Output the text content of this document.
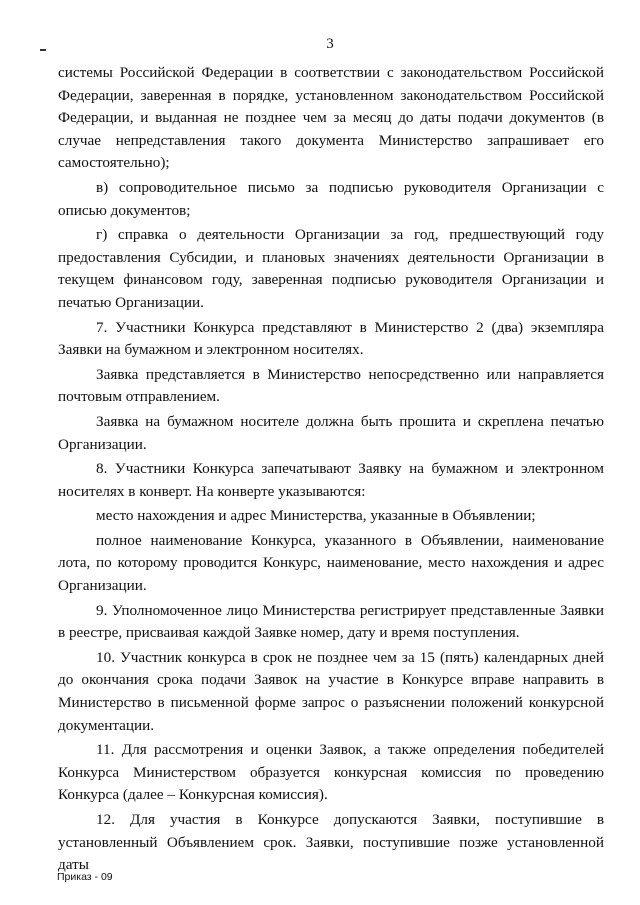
3

системы Российской Федерации в соответствии с законодательством Российской Федерации, заверенная в порядке, установленном законодательством Российской Федерации, и выданная не позднее чем за месяц до даты подачи документов (в случае непредставления такого документа Министерство запрашивает его самостоятельно);

в) сопроводительное письмо за подписью руководителя Организации с описью документов;

г) справка о деятельности Организации за год, предшествующий году предоставления Субсидии, и плановых значениях деятельности Организации в текущем финансовом году, заверенная подписью руководителя Организации и печатью Организации.

7. Участники Конкурса представляют в Министерство 2 (два) экземпляра Заявки на бумажном и электронном носителях.

Заявка представляется в Министерство непосредственно или направляется почтовым отправлением.

Заявка на бумажном носителе должна быть прошита и скреплена печатью Организации.

8. Участники Конкурса запечатывают Заявку на бумажном и электронном носителях в конверт. На конверте указываются:

место нахождения и адрес Министерства, указанные в Объявлении;

полное наименование Конкурса, указанного в Объявлении, наименование лота, по которому проводится Конкурс, наименование, место нахождения и адрес Организации.

9. Уполномоченное лицо Министерства регистрирует представленные Заявки в реестре, присваивая каждой Заявке номер, дату и время поступления.

10. Участник конкурса в срок не позднее чем за 15 (пять) календарных дней до окончания срока подачи Заявок на участие в Конкурсе вправе направить в Министерство в письменной форме запрос о разъяснении положений конкурсной документации.

11. Для рассмотрения и оценки Заявок, а также определения победителей Конкурса Министерством образуется конкурсная комиссия по проведению Конкурса (далее – Конкурсная комиссия).

12. Для участия в Конкурсе допускаются Заявки, поступившие в установленный Объявлением срок. Заявки, поступившие позже установленной даты

Приказ - 09
